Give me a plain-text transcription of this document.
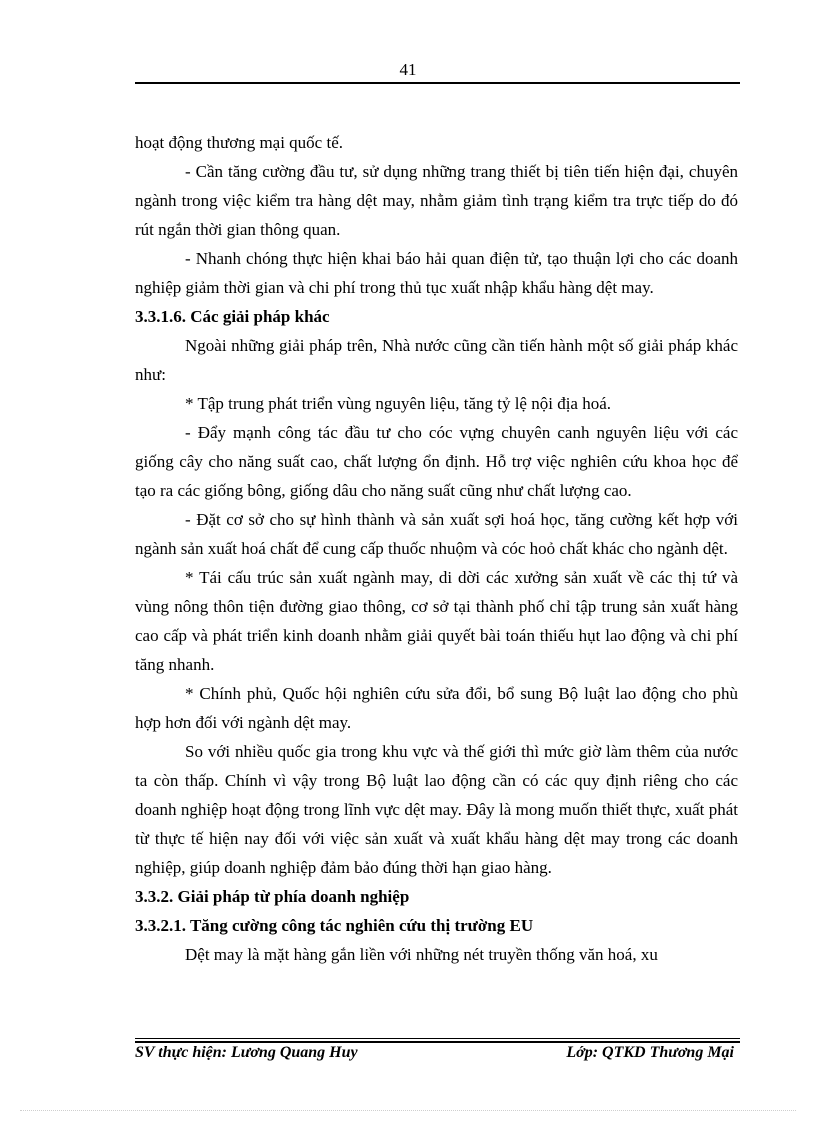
41

hoạt động thương mại quốc tế.

- Cần tăng cường đầu tư, sử dụng những trang thiết bị tiên tiến hiện đại, chuyên ngành trong việc kiểm tra hàng dệt may, nhằm giảm tình trạng kiểm tra trực tiếp do đó rút ngắn thời gian thông quan.

- Nhanh chóng thực hiện khai báo hải quan điện tử, tạo thuận lợi cho các doanh nghiệp giảm thời gian và chi phí trong thủ tục xuất nhập khẩu hàng dệt may.

3.3.1.6. Các giải pháp khác

Ngoài những giải pháp trên, Nhà nước cũng cần tiến hành một số giải pháp khác như:

* Tập trung phát triển vùng nguyên liệu, tăng tỷ lệ nội địa hoá.

- Đẩy mạnh công tác đầu tư cho cóc vựng chuyên canh nguyên liệu với các giống cây cho năng suất cao, chất lượng ổn định. Hỗ trợ việc nghiên cứu khoa học để tạo ra các giống bông, giống dâu cho năng suất cũng như chất lượng cao.

- Đặt cơ sở cho sự hình thành và sản xuất sợi hoá học, tăng cường kết hợp với ngành sản xuất hoá chất để cung cấp thuốc nhuộm và cóc hoỏ chất khác cho ngành dệt.

* Tái cấu trúc sản xuất ngành may, di dời các xưởng sản xuất về các thị tứ và vùng nông thôn tiện đường giao thông, cơ sở tại thành phố chỉ tập trung sản xuất hàng cao cấp và phát triển kinh doanh nhằm giải quyết bài toán thiếu hụt lao động và chi phí tăng nhanh.

* Chính phủ, Quốc hội nghiên cứu sửa đổi, bổ sung Bộ luật lao động cho phù hợp hơn đối với ngành dệt may.

So với nhiều quốc gia trong khu vực và thế giới thì mức giờ làm thêm của nước ta còn thấp. Chính vì vậy trong Bộ luật lao động cần có các quy định riêng cho các doanh nghiệp hoạt động trong lĩnh vực dệt may. Đây là mong muốn thiết thực, xuất phát từ thực tế hiện nay đối với việc sản xuất và xuất khẩu hàng dệt may trong các doanh nghiệp, giúp doanh nghiệp đảm bảo đúng thời hạn giao hàng.

3.3.2. Giải pháp từ phía doanh nghiệp

3.3.2.1. Tăng cường công tác nghiên cứu thị trường EU

Dệt may là mặt hàng gắn liền với những nét truyền thống văn hoá, xu

SV thực hiện: Lương Quang Huy	Lớp: QTKD Thương Mại
